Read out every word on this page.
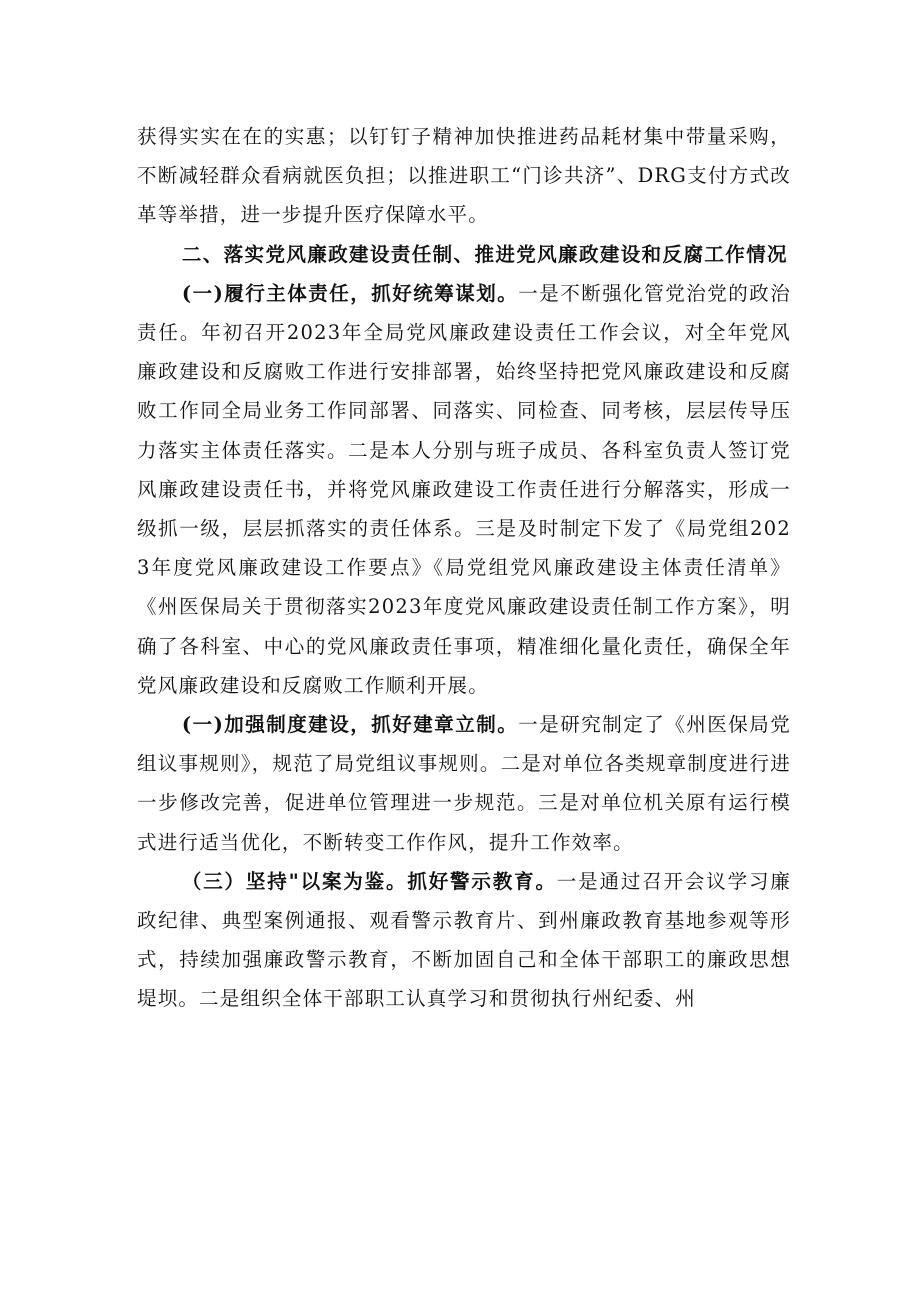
获得实实在在的实惠；以钉钉子精神加快推进药品耗材集中带量采购，不断减轻群众看病就医负担；以推进职工“门诊共济”、DRG支付方式改革等举措，进一步提升医疗保障水平。

二、落实党风廉政建设责任制、推进党风廉政建设和反腐工作情况

(一)履行主体责任，抓好统筹谋划。一是不断强化管党治党的政治责任。年初召开2023年全局党风廉政建设责任工作会议，对全年党风廉政建设和反腐败工作进行安排部署，始终坚持把党风廉政建设和反腐败工作同全局业务工作同部署、同落实、同检查、同考核，层层传导压力落实主体责任落实。二是本人分别与班子成员、各科室负责人签订党风廉政建设责任书，并将党风廉政建设工作责任进行分解落实，形成一级抓一级，层层抓落实的责任体系。三是及时制定下发了《局党组2023年度党风廉政建设工作要点》《局党组党风廉政建设主体责任清单》《州医保局关于贯彻落实2023年度党风廉政建设责任制工作方案》，明确了各科室、中心的党风廉政责任事项，精准细化量化责任，确保全年党风廉政建设和反腐败工作顺利开展。

(一)加强制度建设，抓好建章立制。一是研究制定了《州医保局党组议事规则》，规范了局党组议事规则。二是对单位各类规章制度进行进一步修改完善，促进单位管理进一步规范。三是对单位机关原有运行模式进行适当优化，不断转变工作作风，提升工作效率。

（三）坚持"以案为鉴。抓好警示教育。一是通过召开会议学习廉政纪律、典型案例通报、观看警示教育片、到州廉政教育基地参观等形式，持续加强廉政警示教育，不断加固自己和全体干部职工的廉政思想堤坝。二是组织全体干部职工认真学习和贯彻执行州纪委、州
